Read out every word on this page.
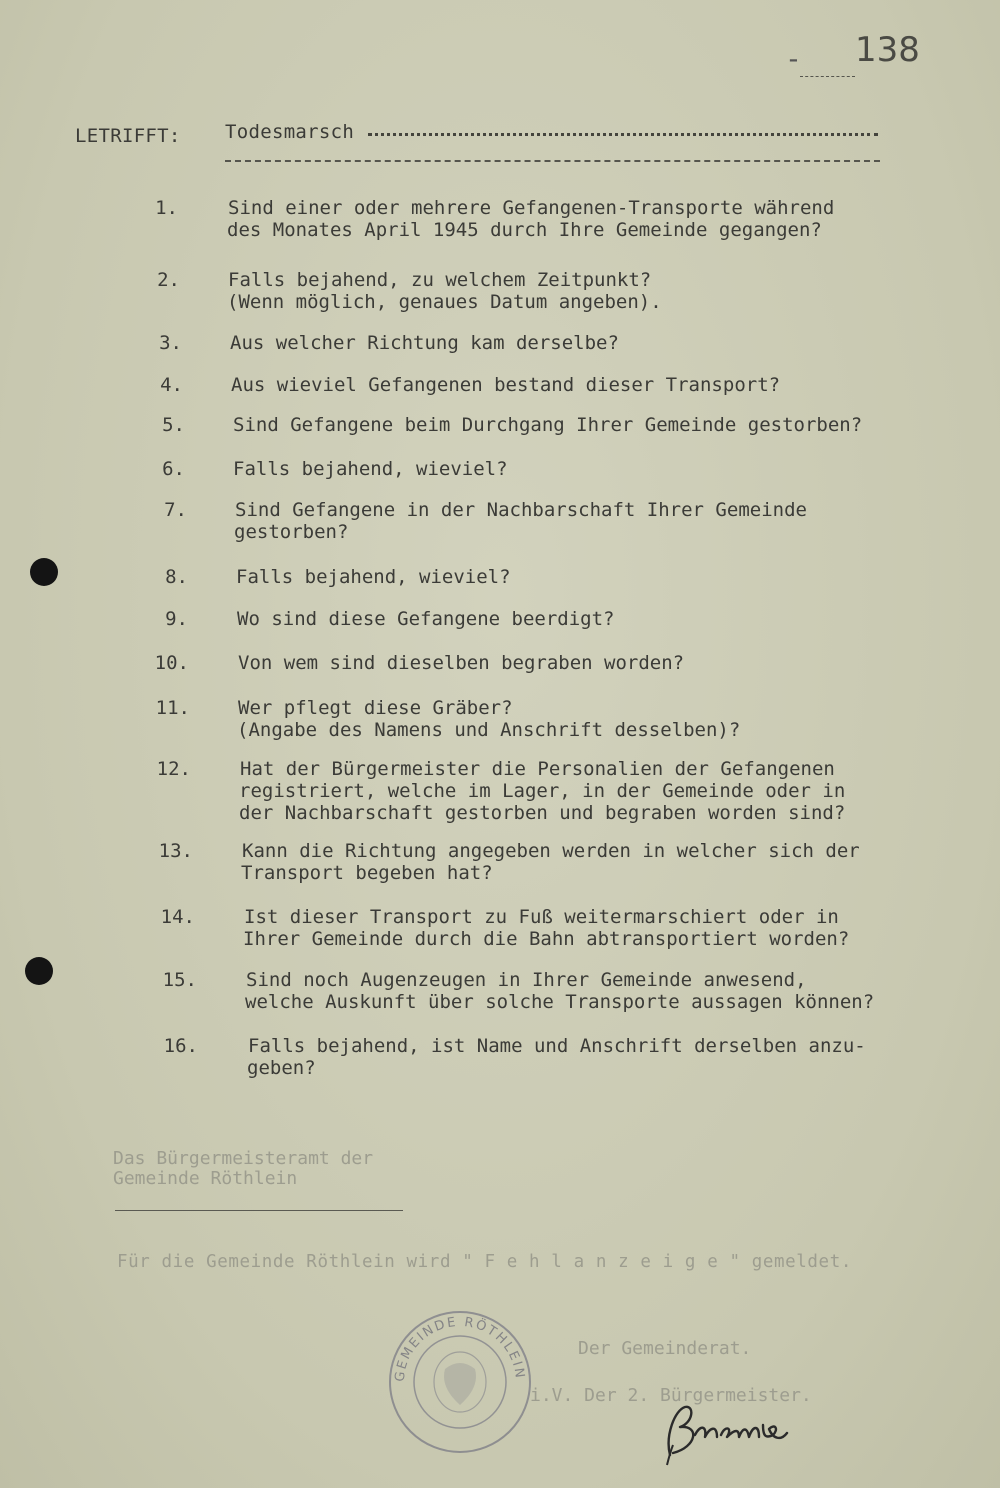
- 138
LETRIFFT: Todesmarsch
1.	Sind einer oder mehrere Gefangenen-Transporte während
des Monates April 1945 durch Ihre Gemeinde gegangen?
2.	Falls bejahend, zu welchem Zeitpunkt?
(Wenn möglich, genaues Datum angeben).
3.	Aus welcher Richtung kam derselbe?
4.	Aus wieviel Gefangenen bestand dieser Transport?
5.	Sind Gefangene beim Durchgang Ihrer Gemeinde gestorben?
6.	Falls bejahend, wieviel?
7.	Sind Gefangene in der Nachbarschaft Ihrer Gemeinde
gestorben?
8.	Falls bejahend, wieviel?
9.	Wo sind diese Gefangene beerdigt?
10.	Von wem sind dieselben begraben worden?
11.	Wer pflegt diese Gräber?
(Angabe des Namens und Anschrift desselben)?
12.	Hat der Bürgermeister die Personalien der Gefangenen
registriert, welche im Lager, in der Gemeinde oder in
der Nachbarschaft gestorben und begraben worden sind?
13.	Kann die Richtung angegeben werden in welcher sich der
Transport begeben hat?
14.	Ist dieser Transport zu Fuß weitermarschiert oder in
Ihrer Gemeinde durch die Bahn abtransportiert worden?
15.	Sind noch Augenzeugen in Ihrer Gemeinde anwesend,
welche Auskunft über solche Transporte aussagen können?
16.	Falls bejahend, ist Name und Anschrift derselben anzu-
geben?
Das Bürgermeisteramt der
Gemeinde Röthlein
Für die Gemeinde Röthlein wird " F e h l a n z e i g e " gemeldet.
Der Gemeinderat.
i.V. Der 2. Bürgermeister.
GEMEINDE RÖTHLEIN
